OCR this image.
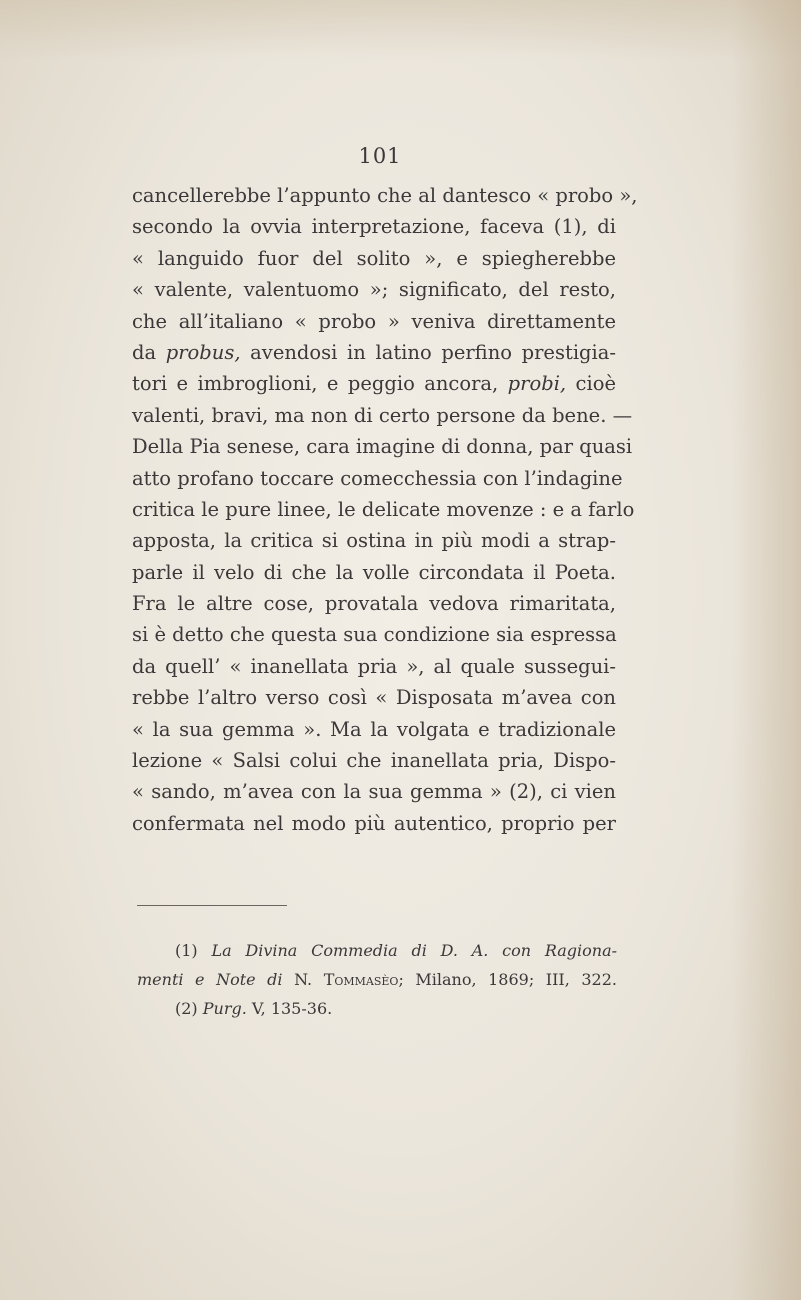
101
cancellerebbe l’appunto che al dantesco « probo »,
secondo la ovvia interpretazione, faceva (1), di
« languido fuor del solito », e spiegherebbe
« valente, valentuomo »; significato, del resto,
che all’italiano « probo » veniva direttamente
da probus, avendosi in latino perfino prestigia-
tori e imbroglioni, e peggio ancora, probi, cioè
valenti, bravi, ma non di certo persone da bene. —
Della Pia senese, cara imagine di donna, par quasi
atto profano toccare comecchessia con l’indagine
critica le pure linee, le delicate movenze : e a farlo
apposta, la critica si ostina in più modi a strap-
parle il velo di che la volle circondata il Poeta.
Fra le altre cose, provatala vedova rimaritata,
si è detto che questa sua condizione sia espressa
da quell’ « inanellata pria », al quale sussegui-
rebbe l’altro verso così « Disposata m’avea con
« la sua gemma ». Ma la volgata e tradizionale
lezione « Salsi colui che inanellata pria, Dispo-
« sando, m’avea con la sua gemma » (2), ci vien
confermata nel modo più autentico, proprio per
(1) La Divina Commedia di D. A. con Ragiona-
menti e Note di N. Tommasèo; Milano, 1869; III, 322.
(2) Purg. V, 135-36.
